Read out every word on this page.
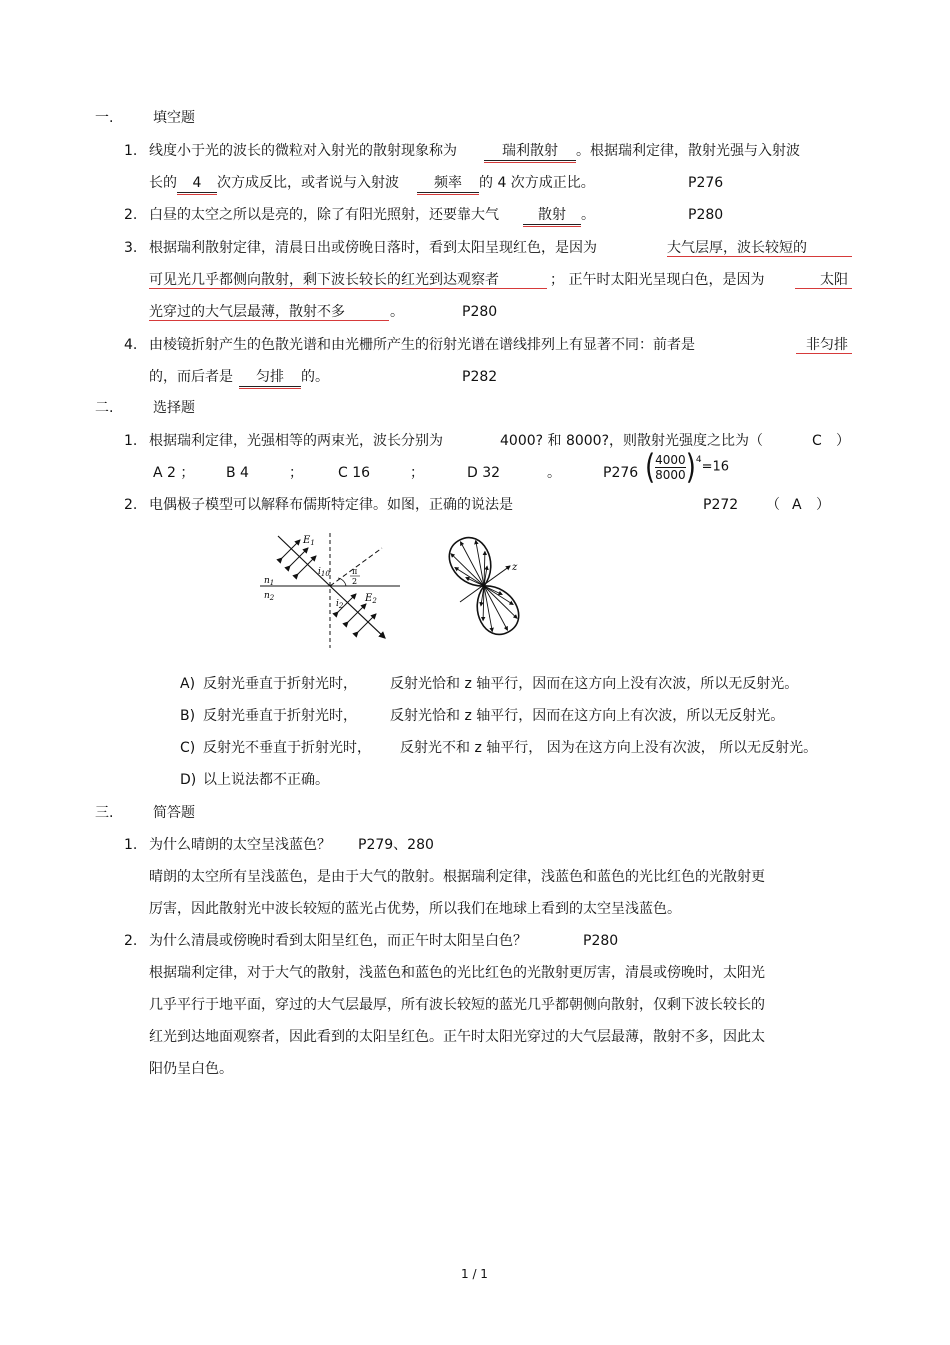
一.	填空题
1. 线度小于光的波长的微粒对入射光的散射现象称为	瑞利散射 。根据瑞利定律，散射光强与入射波
长的 4 次方成反比，或者说与入射波	频率 的 4 次方成正比。	P276
2. 白昼的太空之所以是亮的，除了有阳光照射，还要靠大气	散射 。	P280
3. 根据瑞利散射定律，清晨日出或傍晚日落时，看到太阳呈现红色，是因为	大气层厚，波长较短的
可见光几乎都侧向散射，剩下波长较长的红光到达观察者	； 正午时太阳光呈现白色，是因为	太阳
光穿过的大气层最薄，散射不多	。	P280
4. 由棱镜折射产生的色散光谱和由光栅所产生的衍射光谱在谱线排列上有显著不同：前者是	非匀排
的，而后者是 匀排 的。	P282
二.	选择题
1. 根据瑞利定律，光强相等的两束光，波长分别为	4000? 和 8000?，则散射光强度之比为（	C ）
A 2 ； B 4	；	C 16	；	D 32	。	P276 ( $\frac{4000}{8000} )^4=16$
2. 电偶极子模型可以解释布儒斯特定律。如图，正确的说法是	P272 （ A ）
$E_1$
$E_2$
$i_{10}$
$i_2$
$n_1$
$n_2$
π
2
z
A) 反射光垂直于折射光时， 反射光恰和 z 轴平行，因而在这方向上没有次波，所以无反射光。
B) 反射光垂直于折射光时， 反射光恰和 z 轴平行，因而在这方向上有次波，所以无反射光。
C) 反射光不垂直于折射光时， 反射光不和 z 轴平行， 因为在这方向上没有次波， 所以无反射光。
D) 以上说法都不正确。
三.	简答题
1. 为什么晴朗的太空呈浅蓝色？ P279、280
晴朗的太空所有呈浅蓝色，是由于大气的散射。根据瑞利定律，浅蓝色和蓝色的光比红色的光散射更
厉害，因此散射光中波长较短的蓝光占优势，所以我们在地球上看到的太空呈浅蓝色。
2. 为什么清晨或傍晚时看到太阳呈红色，而正午时太阳呈白色？	P280
根据瑞利定律，对于大气的散射，浅蓝色和蓝色的光比红色的光散射更厉害，清晨或傍晚时，太阳光
几乎平行于地平面，穿过的大气层最厚，所有波长较短的蓝光几乎都朝侧向散射，仅剩下波长较长的
红光到达地面观察者，因此看到的太阳呈红色。正午时太阳光穿过的大气层最薄，散射不多，因此太
阳仍呈白色。
1 / 1
